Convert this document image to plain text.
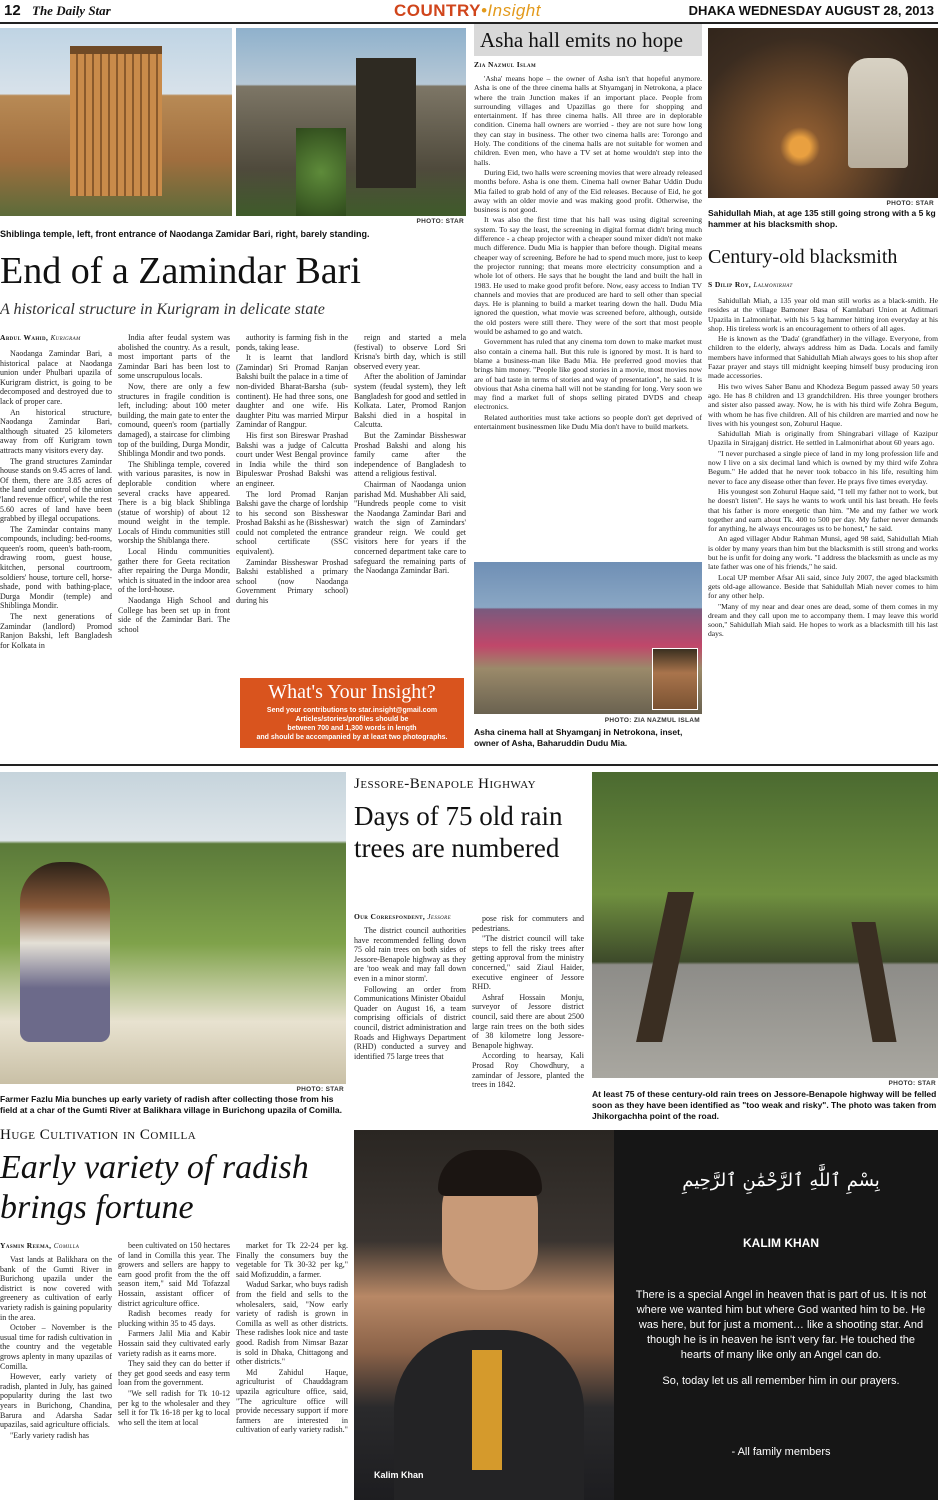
12 The Daily Star	COUNTRY•Insight	DHAKA WEDNESDAY AUGUST 28, 2013
PHOTO: STAR
Shiblinga temple, left, front entrance of Naodanga Zamidar Bari, right, barely standing.
End of a Zamindar Bari
A historical structure in Kurigram in delicate state
Abdul Wahid, Kurigram

Naodanga Zamindar Bari, a historical palace at Naodanga union under Phulbari upazila of Kurigram district, is going to be decomposed and destroyed due to lack of proper care.

An historical structure, Naodanga Zamindar Bari, although situated 25 kilometers away from off Kurigram town attracts many visitors every day.

The grand structures Zamindar house stands on 9.45 acres of land. Of them, there are 3.85 acres of the land under control of the union 'land revenue office', while the rest 5.60 acres of land have been grabbed by illegal occupations.

The Zamindar contains many compounds, including: bed-rooms, queen's room, queen's bath-room, drawing room, guest house, kitchen, personal courtroom, soldiers' house, torture cell, horse-shade, pond with bathing-place, Durga Mondir (temple) and Shiblinga Mondir.

The next generations of Zamindar (landlord) Promod Ranjon Bakshi, left Bangladesh for Kolkata in

India after feudal system was abolished the country. As a result, most important parts of the Zamindar Bari has been lost to some unscrupulous locals.

Now, there are only a few structures in fragile condition is left, including: about 100 meter building, the main gate to enter the comound, queen's room (partially damaged), a staircase for climbing top of the building, Durga Mondir, Shiblinga Mondir and two ponds.

The Shiblinga temple, covered with various parasites, is now in deplorable condition where several cracks have appeared. There is a big black Shiblinga (statue of worship) of about 12 mound weight in the temple. Locals of Hindu communities still worship the Shiblanga there.

Local Hindu communities gather there for Geeta recitation after repairing the Durga Mondir, which is situated in the indoor area of the lord-house.

Naodanga High School and College has been set up in front side of the Zamindar Bari. The school

authority is farming fish in the ponds, taking lease.

It is learnt that landlord (Zamindar) Sri Promad Ranjan Bakshi built the palace in a time of non-divided Bharat-Barsha (sub-continent). He had three sons, one daughter and one wife. His daughter Pitu was married Mirpur Zamindar of Rangpur.

His first son Bireswar Prashad Bakshi was a judge of Calcutta court under West Bengal province in India while the third son Bipuleswar Proshad Bakshi was an engineer.

The lord Promad Ranjan Bakshi gave the charge of lordship to his second son Bissheswar Proshad Bakshi as he (Bissheswar) could not completed the entrance school certificate (SSC equivalent).

Zamindar Bissheswar Proshad Bakshi established a primary school (now Naodanga Government Primary school) during his

reign and started a mela (festival) to observe Lord Sri Krisna's birth day, which is still observed every year.

After the abolition of Jamindar system (feudal system), they left Bangladesh for good and settled in Kolkata. Later, Promod Ranjon Bakshi died in a hospital in Calcutta.

But the Zamindar Bissheswar Proshad Bakshi and along his family came after the independence of Bangladesh to attend a religious festival.

Chairman of Naodanga union parishad Md. Mushabber Ali said, "Hundreds people come to visit the Naodanga Zamindar Bari and watch the sign of Zamindars' grandeur reign. We could get visitors here for years if the concerned department take care to safeguard the remaining parts of the Naodanga Zamindar Bari.

What's Your Insight?
Send your contributions to star.insight@gmail.com
Articles/stories/profiles should be
between 700 and 1,300 words in length
and should be accompanied by at least two photographs.
Asha hall emits no hope
Zia Nazmul Islam

'Asha' means hope – the owner of Asha isn't that hopeful anymore. Asha is one of the three cinema halls at Shyamganj in Netrokona, a place where the train Junction makes if an important place. People from surrounding villages and Upazillas go there for shopping and entertainment. If has three cinema halls. All three are in deplorable condition. Cinema hall owners are worried - they are not sure how long they can stay in business. The other two cinema halls are: Torongo and Holy. The conditions of the cinema halls are not suitable for women and children. Even men, who have a TV set at home wouldn't step into the halls.

During Eid, two halls were screening movies that were already released months before. Asha is one them. Cinema hall owner Bahar Uddin Dudu Mia failed to grab hold of any of the Eid releases. Because of Eid, he got away with an older movie and was making good profit. Otherwise, the business is not good.

It was also the first time that his hall was using digital screening system. To say the least, the screening in digital format didn't bring much difference - a cheap projector with a cheaper sound mixer didn't not make much difference. Dudu Mia is happier than before though. Digital means cheaper way of screening. Before he had to spend much more, just to keep the projector running; that means more electricity consumption and a whole lot of others. He says that he bought the land and built the hall in 1983. He used to make good profit before. Now, easy access to Indian TV channels and movies that are produced are hard to sell other than special days. He is planning to build a market tearing down the hall. Dudu Mia ignored the question, what movie was screened before, although, outside the old posters were still there. They were of the sort that most people would be ashamed to go and watch.

Government has ruled that any cinema torn down to make market must also contain a cinema hall. But this rule is ignored by most. It is hard to blame a business-man like Badu Mia. He preferred good movies that brings him money. "People like good stories in a movie, most movies now are of bad taste in terms of stories and way of presentation", he said. It is obvious that Asha cinema hall will not be standing for long. Very soon we may find a market full of shops selling pirated DVDS and cheap electronics.

Related authorities must take actions so people don't get deprived of entertainment businessmen like Dudu Mia don't have to build markets.

PHOTO: ZIA NAZMUL ISLAM
Asha cinema hall at Shyamganj in Netrokona, inset, owner of Asha, Baharuddin Dudu Mia.
PHOTO: STAR
Sahidullah Miah, at age 135 still going strong with a 5 kg hammer at his blacksmith shop.
Century-old blacksmith
S Dilip Roy, Lalmonirhat

Sahidullah Miah, a 135 year old man still works as a black-smith. He resides at the village Bamoner Basa of Kamlabari Union at Aditmari Upazila in Lalmonirhat. with his 5 kg hammer hitting iron everyday at his shop. His tireless work is an encouragement to others of all ages.

He is known as the 'Dada' (grandfather) in the village. Everyone, from children to the elderly, always address him as Dada. Locals and family members have informed that Sahidullah Miah always goes to his shop after Fazar prayer and stays till midnight keeping himself busy producing iron made accessories.

His two wives Saher Banu and Khodeza Begum passed away 50 years ago. He has 8 children and 13 grandchildren. His three younger brothers and sister also passed away. Now, he is with his third wife Zohra Begum, with whom he has five children. All of his children are married and now he lives with his youngest son, Zohurul Haque.

Sahidullah Miah is originally from Shingrabari village of Kazipur Upazila in Sirajganj district. He settled in Lalmonirhat about 60 years ago.

"I never purchased a single piece of land in my long profession life and now I live on a six decimal land which is owned by my third wife Zohra Begum." He added that he never took tobacco in his life, resulting him never to face any disease other than fever. He prays five times everyday.

His youngest son Zohurul Haque said, "I tell my father not to work, but he doesn't listen". He says he wants to work until his last breath. He feels that his father is more energetic than him. "Me and my father we work together and earn about Tk. 400 to 500 per day. My father never demands for anything, he always encourages us to be honest," he said.

An aged villager Abdur Rahman Munsi, aged 98 said, Sahidullah Miah is older by many years than him but the blacksmith is still strong and works but he is unfit for doing any work. "I address the blacksmith as uncle as my late father was one of his friends," he said.

Local UP member Afsar Ali said, since July 2007, the aged blacksmith gets old-age allowance. Beside that Sahidullah Miah never comes to him for any other help.

"Many of my near and dear ones are dead, some of them comes in my dream and they call upon me to accompany them. I may leave this world soon," Sahidullah Miah said. He hopes to work as a blacksmith till his last days.

PHOTO: STAR
Farmer Fazlu Mia bunches up early variety of radish after collecting those from his field at a char of the Gumti River at Balikhara village in Burichong upazila of Comilla.
Jessore-Benapole Highway
Days of 75 old rain trees are numbered
Our Correspondent, Jessore

The district council authorities have recommended felling down 75 old rain trees on both sides of Jessore-Benapole highway as they are 'too weak and may fall down even in a minor storm'.

Following an order from Communications Minister Obaidul Quader on August 16, a team comprising officials of district council, district administration and Roads and Highways Department (RHD) conducted a survey and identified 75 large trees that

pose risk for commuters and pedestrians.

"The district council will take steps to fell the risky trees after getting approval from the ministry concerned," said Ziaul Haider, executive engineer of Jessore RHD.

Ashraf Hossain Monju, surveyor of Jessore district council, said there are about 2500 large rain trees on the both sides of 38 kilometre long Jessore-Benapole highway.

According to hearsay, Kali Prosad Roy Chowdhury, a zamindar of Jessore, planted the trees in 1842.	PHOTO: STAR
At least 75 of these century-old rain trees on Jessore-Benapole highway will be felled soon as they have been identified as "too weak and risky". The photo was taken from Jhikorgachha point of the road.
Huge Cultivation in Comilla
Early variety of radish brings fortune
Yasmin Reema, Comilla

Vast lands at Balikhara on the bank of the Gumti River in Burichong upazila under the district is now covered with greenery as cultivation of early variety radish is gaining popularity in the area.

October – November is the usual time for radish cultivation in the country and the vegetable grows aplenty in many upazilas of Comilla.

However, early variety of radish, planted in July, has gained popularity during the last two years in Burichong, Chandina, Barura and Adarsha Sadar upazilas, said agriculture officials.

"Early variety radish has

been cultivated on 150 hectares of land in Comilla this year. The growers and sellers are happy to earn good profit from the the off season item," said Md Tofazzal Hossain, assistant officer of district agriculture office.

Radish becomes ready for plucking within 35 to 45 days.

Farmers Jalil Mia and Kabir Hossain said they cultivated early variety radish as it earns more.

They said they can do better if they get good seeds and easy term loan from the government.

"We sell radish for Tk 10-12 per kg to the wholesaler and they sell it for Tk 16-18 per kg to local who sell the item at local

market for Tk 22-24 per kg. Finally the consumers buy the vegetable for Tk 30-32 per kg," said Mofizuddin, a farmer.

Wadud Sarkar, who buys radish from the field and sells to the wholesalers, said, "Now early variety of radish is grown in Comilla as well as other districts. These radishes look nice and taste good. Radish from Nimsar Bazar is sold in Dhaka, Chittagong and other districts."

Md Zahidul Haque, agriculturist of Chauddagram upazila agriculture office, said, "The agriculture office will provide necessary support if more farmers are interested in cultivation of early variety radish."

Kalim Khan
بِسْمِ ٱللَّٰهِ ٱلرَّحْمَٰنِ ٱلرَّحِيمِ
KALIM KHAN
There is a special Angel in heaven that is part of us. It is not where we wanted him but where God wanted him to be. He was here, but for just a moment… like a shooting star. And though he is in heaven he isn't very far. He touched the hearts of many like only an Angel can do.
So, today let us all remember him in our prayers.
- All family members
